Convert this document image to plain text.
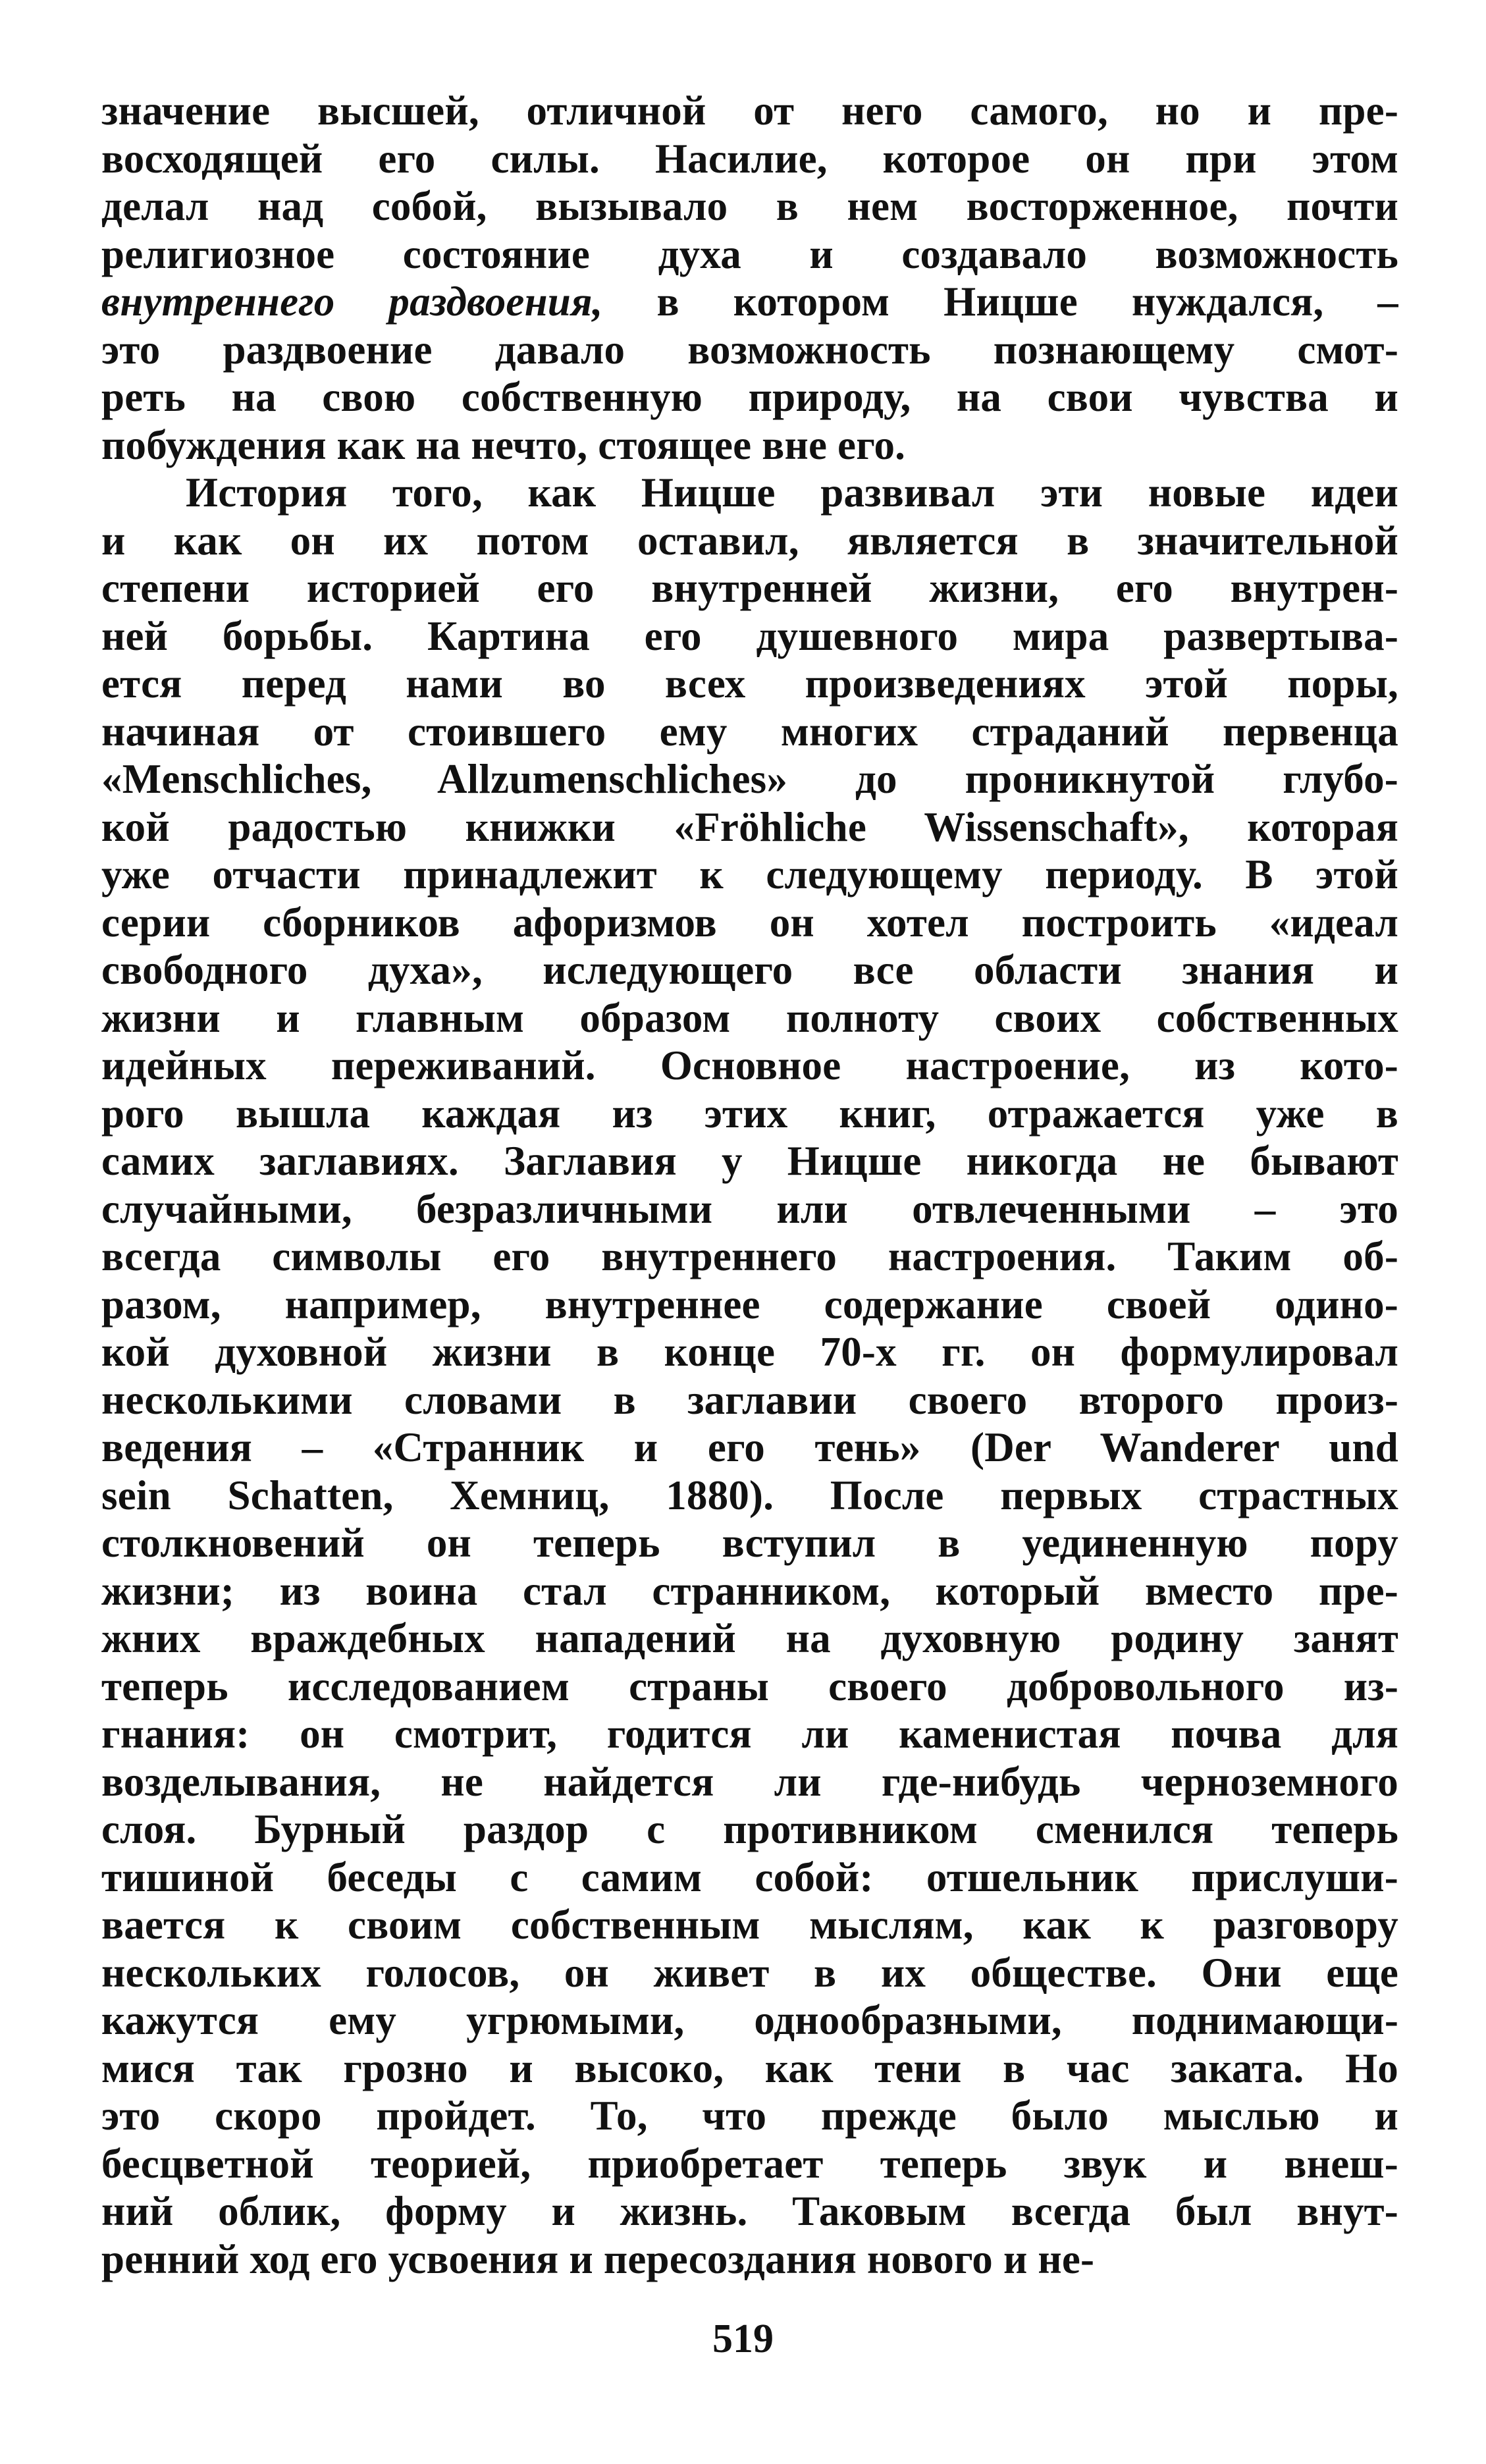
значение высшей, отличной от него самого, но и пре-
восходящей его силы. Насилие, которое он при этом
делал над собой, вызывало в нем восторженное, почти
религиозное состояние духа и создавало возможность
внутреннего раздвоения, в котором Ницше нуждался, –
это раздвоение давало возможность познающему смот-
реть на свою собственную природу, на свои чувства и
побуждения как на нечто, стоящее вне его.
История того, как Ницше развивал эти новые идеи
и как он их потом оставил, является в значительной
степени историей его внутренней жизни, его внутрен-
ней борьбы. Картина его душевного мира развертыва-
ется перед нами во всех произведениях этой поры,
начиная от стоившего ему многих страданий первенца
«Menschliches, Allzumenschliches» до проникнутой глубо-
кой радостью книжки «Fröhliche Wissenschaft», которая
уже отчасти принадлежит к следующему периоду. В этой
серии сборников афоризмов он хотел построить «идеал
свободного духа», иследующего все области знания и
жизни и главным образом полноту своих собственных
идейных переживаний. Основное настроение, из кото-
рого вышла каждая из этих книг, отражается уже в
самих заглавиях. Заглавия у Ницше никогда не бывают
случайными, безразличными или отвлеченными – это
всегда символы его внутреннего настроения. Таким об-
разом, например, внутреннее содержание своей одино-
кой духовной жизни в конце 70-х гг. он формулировал
несколькими словами в заглавии своего второго произ-
ведения – «Странник и его тень» (Der Wanderer und
sein Schatten, Хемниц, 1880). После первых страстных
столкновений он теперь вступил в уединенную пору
жизни; из воина стал странником, который вместо пре-
жних враждебных нападений на духовную родину занят
теперь исследованием страны своего добровольного из-
гнания: он смотрит, годится ли каменистая почва для
возделывания, не найдется ли где-нибудь черноземного
слоя. Бурный раздор с противником сменился теперь
тишиной беседы с самим собой: отшельник прислуши-
вается к своим собственным мыслям, как к разговору
нескольких голосов, он живет в их обществе. Они еще
кажутся ему угрюмыми, однообразными, поднимающи-
мися так грозно и высоко, как тени в час заката. Но
это скоро пройдет. То, что прежде было мыслью и
бесцветной теорией, приобретает теперь звук и внеш-
ний облик, форму и жизнь. Таковым всегда был внут-
ренний ход его усвоения и пересоздания нового и не-
519
